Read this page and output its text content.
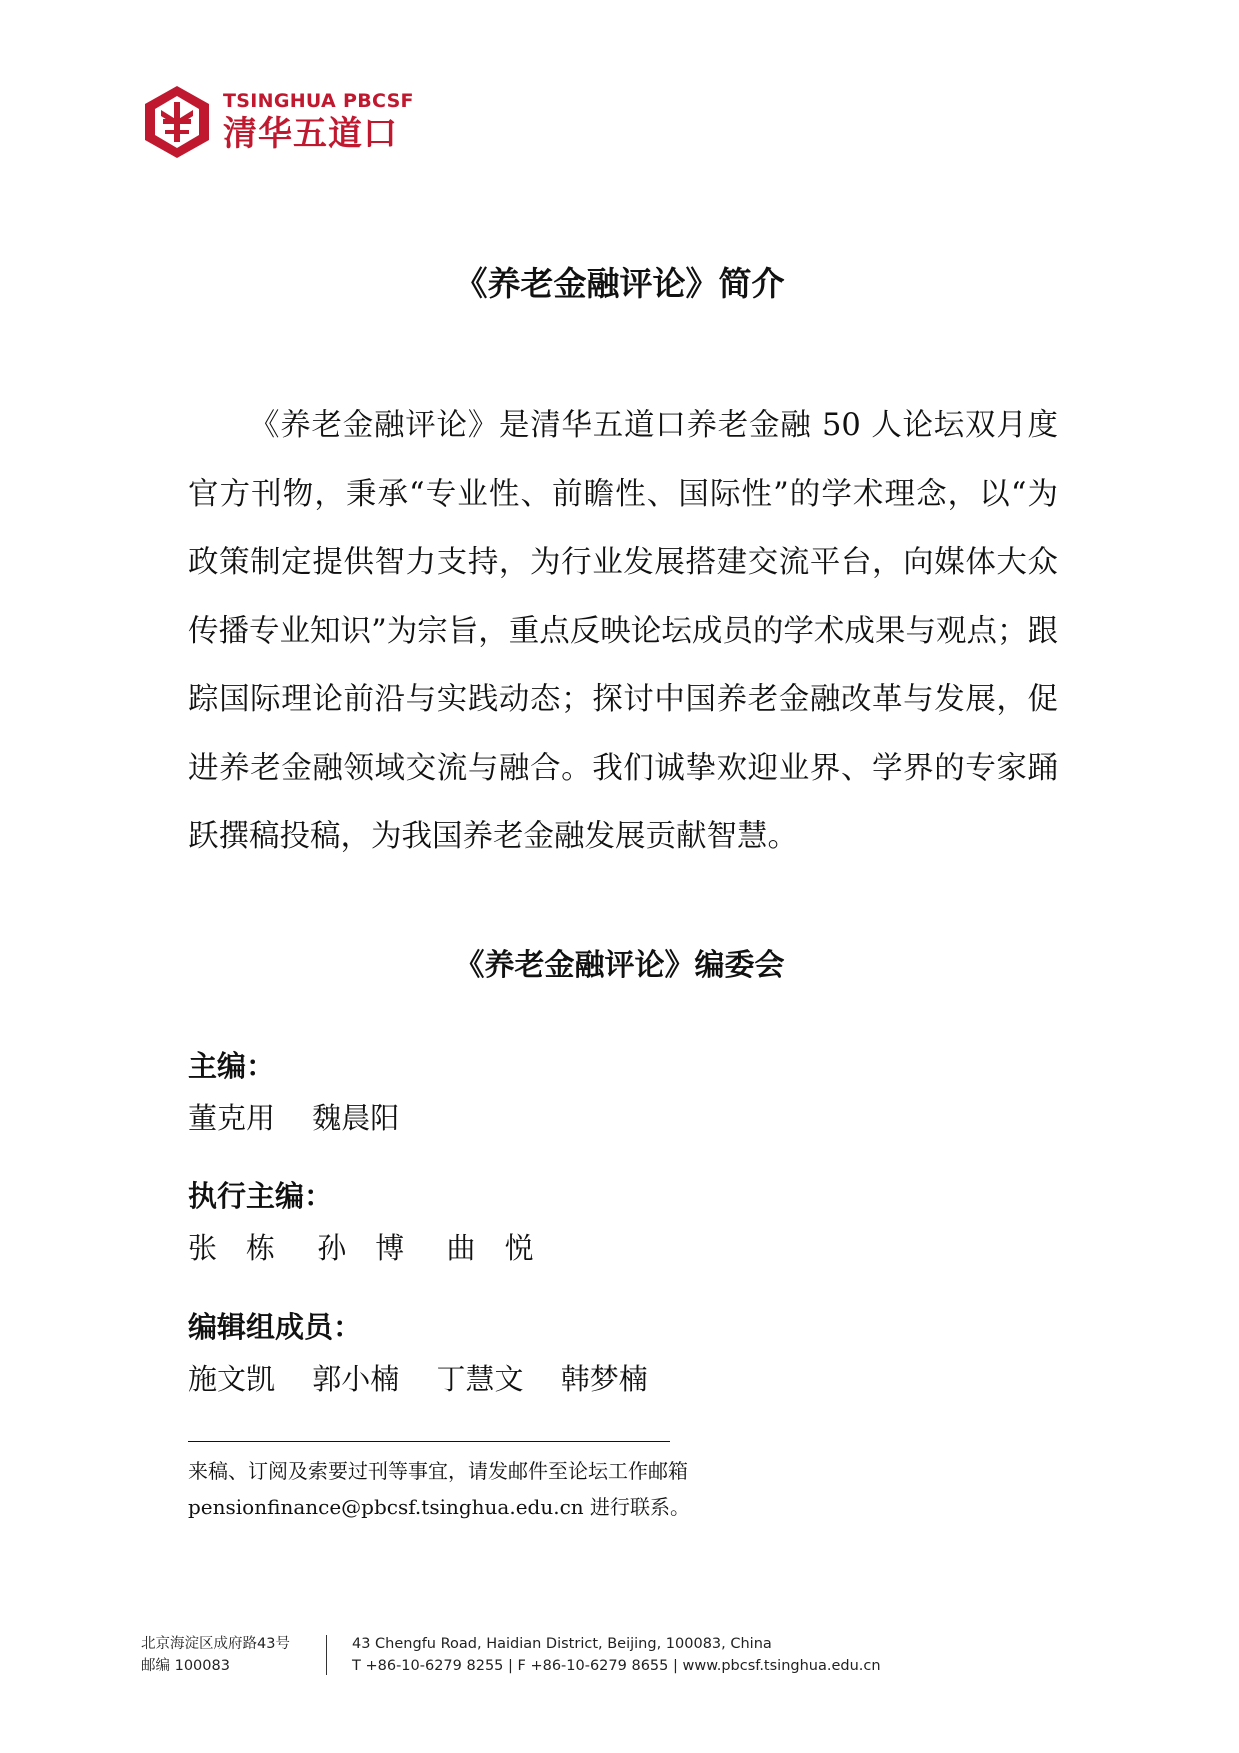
TSINGHUA PBCSF
清华五道口
《养老金融评论》简介

《养老金融评论》是清华五道口养老金融 50 人论坛双月度官方刊物，秉承“专业性、前瞻性、国际性”的学术理念，以“为政策制定提供智力支持，为行业发展搭建交流平台，向媒体大众传播专业知识”为宗旨，重点反映论坛成员的学术成果与观点；跟踪国际理论前沿与实践动态；探讨中国养老金融改革与发展，促进养老金融领域交流与融合。我们诚挚欢迎业界、学界的专家踊跃撰稿投稿，为我国养老金融发展贡献智慧。

《养老金融评论》编委会
主编：
董克用 魏晨阳
执行主编：
张　栋 孙　博 曲　悦
编辑组成员：
施文凯 郭小楠 丁慧文 韩梦楠
来稿、订阅及索要过刊等事宜，请发邮件至论坛工作邮箱
pensionfinance@pbcsf.tsinghua.edu.cn 进行联系。
北京海淀区成府路43号
邮编 100083
43 Chengfu Road, Haidian District, Beijing, 100083, China
T +86-10-6279 8255 | F +86-10-6279 8655 | www.pbcsf.tsinghua.edu.cn
